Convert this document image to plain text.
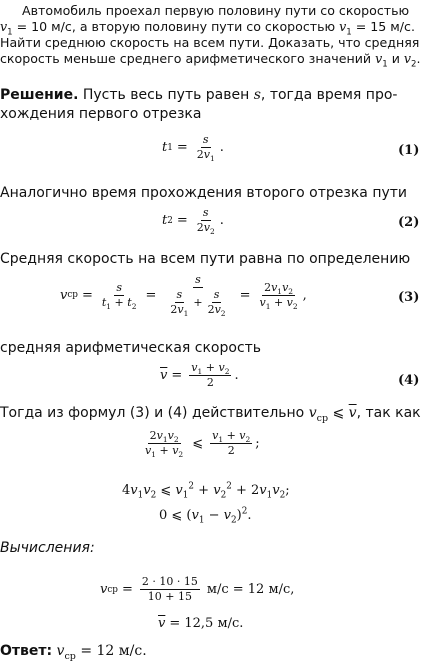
Автомобиль проехал первую половину пути со скоростью
$v_1 = 10$ м/с, а вторую половину пути со скоростью $v_1 = 15$ м/с.
Найти среднюю скорость на всем пути. Доказать, что средняя
скорость меньше среднего арифметического значений $v_1$ и $v_2$.
Решение. Пусть весь путь равен s, тогда время про-
хождения первого отрезка
t $1 = \frac{s}{2v_1}$ .	(1)
Аналогично время прохождения второго отрезка пути
t $2 = \frac{s}{2v_2}$ .	(2)
Средняя скорость на всем пути равна по определению
v ср = $\frac{s}{t_1 + t_2} = \frac{s}{\frac{s}{2v_1} + \frac{s}{2v_2}} = \frac{2v_1v_2}{v_1 + v_2}$ ,	(3)
средняя арифметическая скорость
$\overline{v} = \frac{v_1 + v_2}{2}$ .	(4)
Тогда из формул (3) и (4) действительно $v_{ср}$ ⩽ $\overline{v}$, так как
$\frac{2v_1v_2}{v_1 + v_2}$ ⩽ $\frac{v_1 + v_2}{2}$ ;
$4v_1v_2$ ⩽ $v_1^2 + v_2^2 + 2v_1v_2$;
0 ⩽ $(v_1 - v_2)^2$.
Вычисления:
v ср = $\frac{2 \cdot 10 \cdot 15}{10 + 15} м/с = 12$ м/с,
$\overline{v} = 12,5$ м/с.
Ответ: $v_{ср} = 12$ м/с.
